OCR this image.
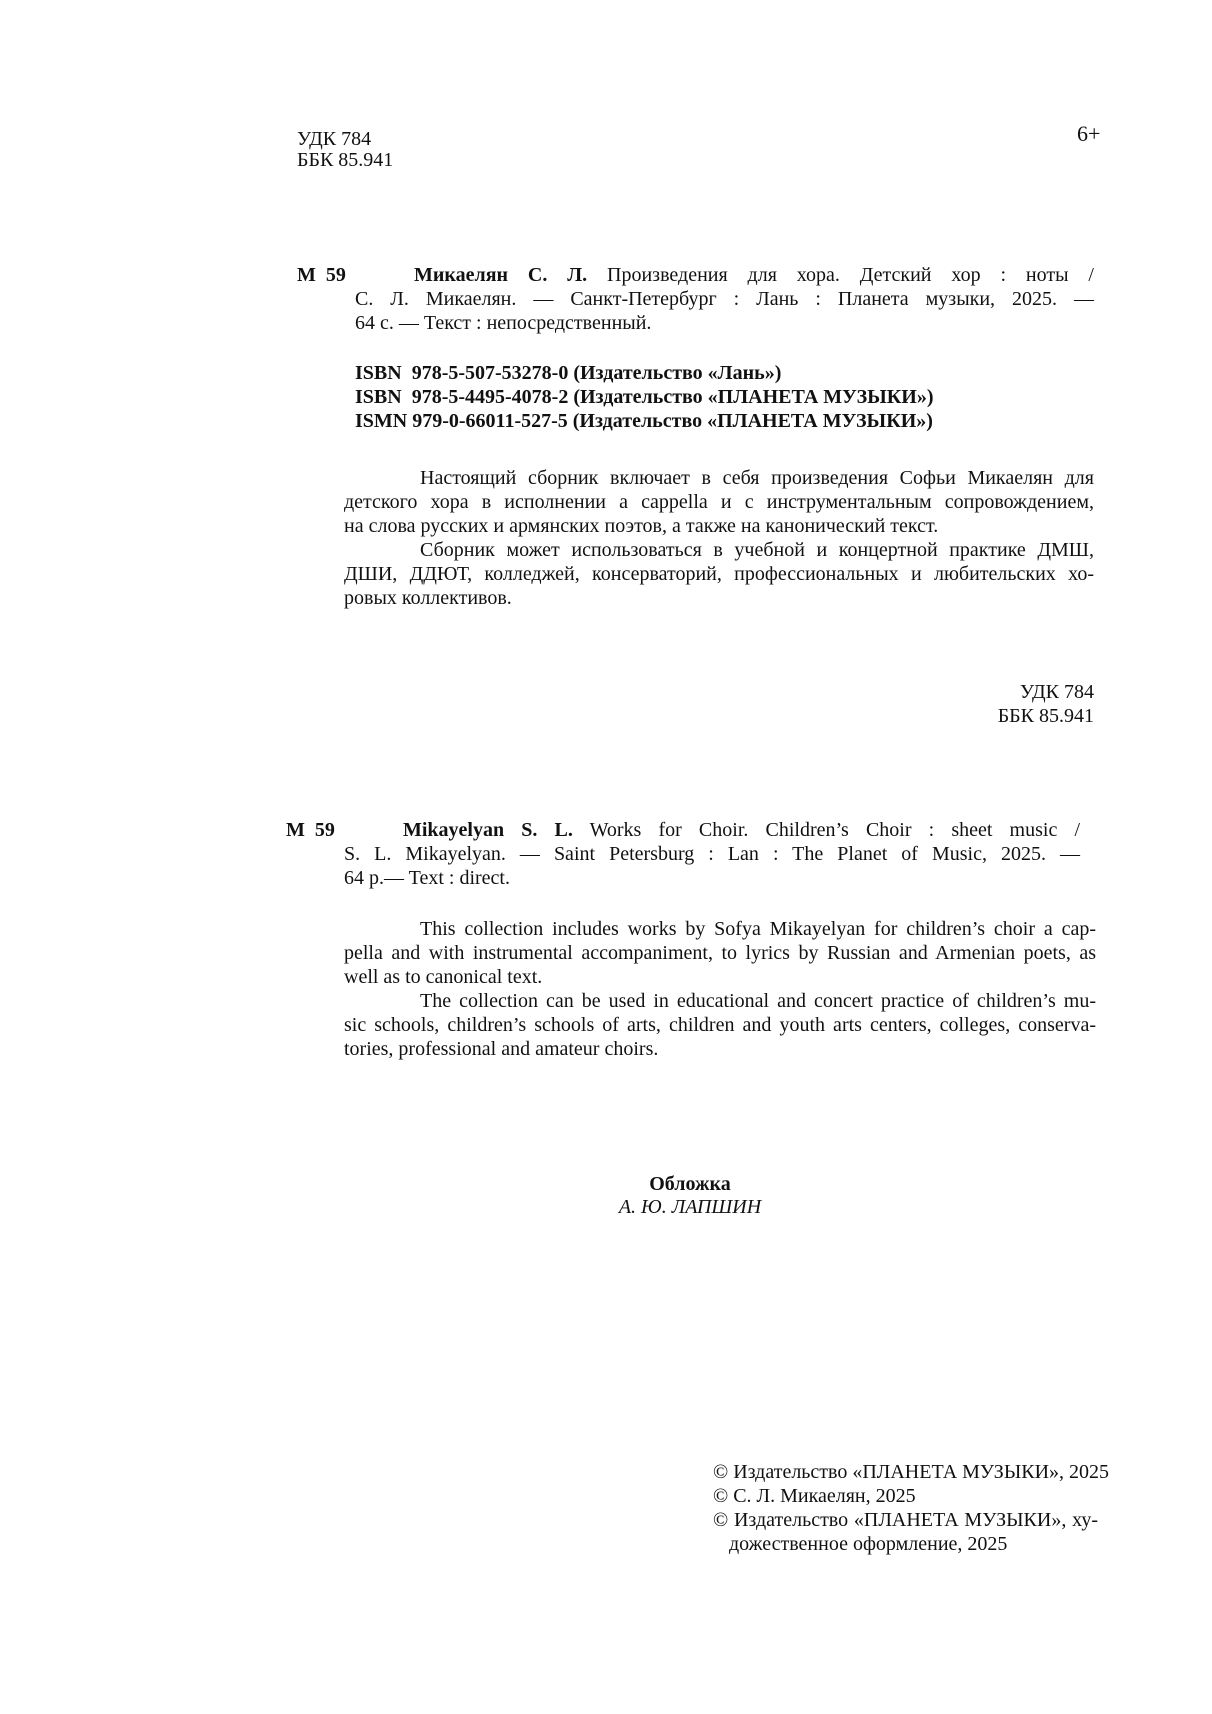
УДК 784
ББК 85.941
6+
М  59	Микаелян С. Л. Произведения для хора. Детский хор : ноты /
С. Л. Микаелян. — Санкт-Петербург : Лань : Планета музыки, 2025. —
64 с. — Текст : непосредственный.
ISBN  978-5-507-53278-0 (Издательство «Лань»)
ISBN  978-5-4495-4078-2 (Издательство «ПЛАНЕТА МУЗЫКИ»)
ISMN 979-0-66011-527-5 (Издательство «ПЛАНЕТА МУЗЫКИ»)
Настоящий сборник включает в себя произведения Софьи Микаелян для
детского хора в исполнении а cappella и с инструментальным сопровождением,
на слова русских и армянских поэтов, а также на канонический текст.
Сборник может использоваться в учебной и концертной практике ДМШ,
ДШИ, ДДЮТ, колледжей, консерваторий, профессиональных и любительских хо-
ровых коллективов.
УДК 784
ББК 85.941
М  59	Mikayelyan S. L. Works for Choir. Children’s Choir : sheet music /
S. L. Mikayelyan. — Saint Petersburg : Lan : The Planet of Music, 2025. —
64 p.— Text : direct.
This collection includes works by Sofya Mikayelyan for children’s choir a cap-
pella and with instrumental accompaniment, to lyrics by Russian and Armenian poets, as
well as to canonical text.
The collection can be used in educational and concert practice of children’s mu-
sic schools, children’s schools of arts, children and youth arts centers, colleges, conserva-
tories, professional and amateur choirs.
Обложка
А. Ю. ЛАПШИН
© Издательство «ПЛАНЕТА МУЗЫКИ», 2025
© С. Л. Микаелян, 2025
© Издательство «ПЛАНЕТА МУЗЫКИ», ху-
дожественное оформление, 2025
